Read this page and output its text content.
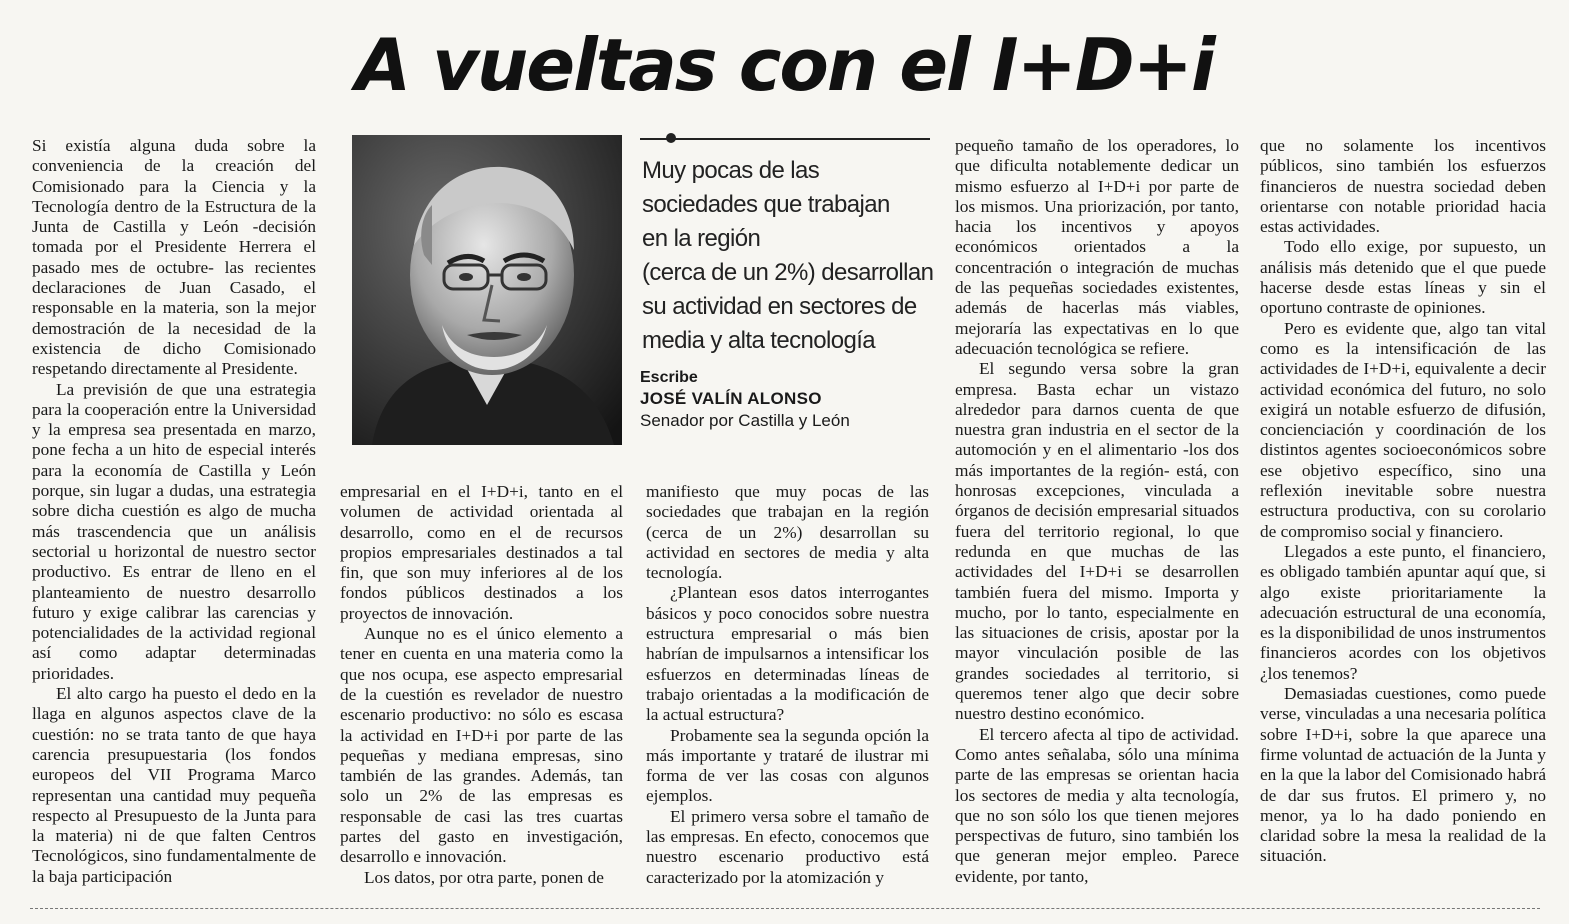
A vueltas con el I+D+i

Si existía alguna duda sobre la conveniencia de la creación del Comisionado para la Ciencia y la Tecnología dentro de la Estructura de la Junta de Castilla y León -decisión tomada por el Presidente Herrera el pasado mes de octubre- las recientes declaraciones de Juan Casado, el responsable en la materia, son la mejor demostración de la necesidad de la existencia de dicho Comisionado respetando directamente al Presidente.

La previsión de que una estrategia para la cooperación entre la Universidad y la empresa sea presentada en marzo, pone fecha a un hito de especial interés para la economía de Castilla y León porque, sin lugar a dudas, una estrategia sobre dicha cuestión es algo de mucha más trascendencia que un análisis sectorial u horizontal de nuestro sector productivo. Es entrar de lleno en el planteamiento de nuestro desarrollo futuro y exige calibrar las carencias y potencialidades de la actividad regional así como adaptar determinadas prioridades.

El alto cargo ha puesto el dedo en la llaga en algunos aspectos clave de la cuestión: no se trata tanto de que haya carencia presupuestaria (los fondos europeos del VII Programa Marco representan una cantidad muy pequeña respecto al Presupuesto de la Junta para la materia) ni de que falten Centros Tecnológicos, sino fundamentalmente de la baja participación

Muy pocas de las
sociedades que trabajan
en la región
(cerca de un 2%) desarrollan
su actividad en sectores de
media y alta tecnología
Escribe
JOSÉ VALÍN ALONSO
Senador por Castilla y León

empresarial en el I+D+i, tanto en el volumen de actividad orientada al desarrollo, como en el de recursos propios empresariales destinados a tal fin, que son muy inferiores al de los fondos públicos destinados a los proyectos de innovación.

Aunque no es el único elemento a tener en cuenta en una materia como la que nos ocupa, ese aspecto empresarial de la cuestión es revelador de nuestro escenario productivo: no sólo es escasa la actividad en I+D+i por parte de las pequeñas y mediana empresas, sino también de las grandes. Además, tan solo un 2% de las empresas es responsable de casi las tres cuartas partes del gasto en investigación, desarrollo e innovación.

Los datos, por otra parte, ponen de

manifiesto que muy pocas de las sociedades que trabajan en la región (cerca de un 2%) desarrollan su actividad en sectores de media y alta tecnología.

¿Plantean esos datos interrogantes básicos y poco conocidos sobre nuestra estructura empresarial o más bien habrían de impulsarnos a intensificar los esfuerzos en determinadas líneas de trabajo orientadas a la modificación de la actual estructura?

Probamente sea la segunda opción la más importante y trataré de ilustrar mi forma de ver las cosas con algunos ejemplos.

El primero versa sobre el tamaño de las empresas. En efecto, conocemos que nuestro escenario productivo está caracterizado por la atomización y

pequeño tamaño de los operadores, lo que dificulta notablemente dedicar un mismo esfuerzo al I+D+i por parte de los mismos. Una priorización, por tanto, hacia los incentivos y apoyos económicos orientados a la concentración o integración de muchas de las pequeñas sociedades existentes, además de hacerlas más viables, mejoraría las expectativas en lo que adecuación tecnológica se refiere.

El segundo versa sobre la gran empresa. Basta echar un vistazo alrededor para darnos cuenta de que nuestra gran industria en el sector de la automoción y en el alimentario -los dos más importantes de la región- está, con honrosas excepciones, vinculada a órganos de decisión empresarial situados fuera del territorio regional, lo que redunda en que muchas de las actividades del I+D+i se desarrollen también fuera del mismo. Importa y mucho, por lo tanto, especialmente en las situaciones de crisis, apostar por la mayor vinculación posible de las grandes sociedades al territorio, si queremos tener algo que decir sobre nuestro destino económico.

El tercero afecta al tipo de actividad. Como antes señalaba, sólo una mínima parte de las empresas se orientan hacia los sectores de media y alta tecnología, que no son sólo los que tienen mejores perspectivas de futuro, sino también los que generan mejor empleo. Parece evidente, por tanto,

que no solamente los incentivos públicos, sino también los esfuerzos financieros de nuestra sociedad deben orientarse con notable prioridad hacia estas actividades.

Todo ello exige, por supuesto, un análisis más detenido que el que puede hacerse desde estas líneas y sin el oportuno contraste de opiniones.

Pero es evidente que, algo tan vital como es la intensificación de las actividades de I+D+i, equivalente a decir actividad económica del futuro, no solo exigirá un notable esfuerzo de difusión, concienciación y coordinación de los distintos agentes socioeconómicos sobre ese objetivo específico, sino una reflexión inevitable sobre nuestra estructura productiva, con su corolario de compromiso social y financiero.

Llegados a este punto, el financiero, es obligado también apuntar aquí que, si algo existe prioritariamente la adecuación estructural de una economía, es la disponibilidad de unos instrumentos financieros acordes con los objetivos ¿los tenemos?

Demasiadas cuestiones, como puede verse, vinculadas a una necesaria política sobre I+D+i, sobre la que aparece una firme voluntad de actuación de la Junta y en la que la labor del Comisionado habrá de dar sus frutos. El primero y, no menor, ya lo ha dado poniendo en claridad sobre la mesa la realidad de la situación.
